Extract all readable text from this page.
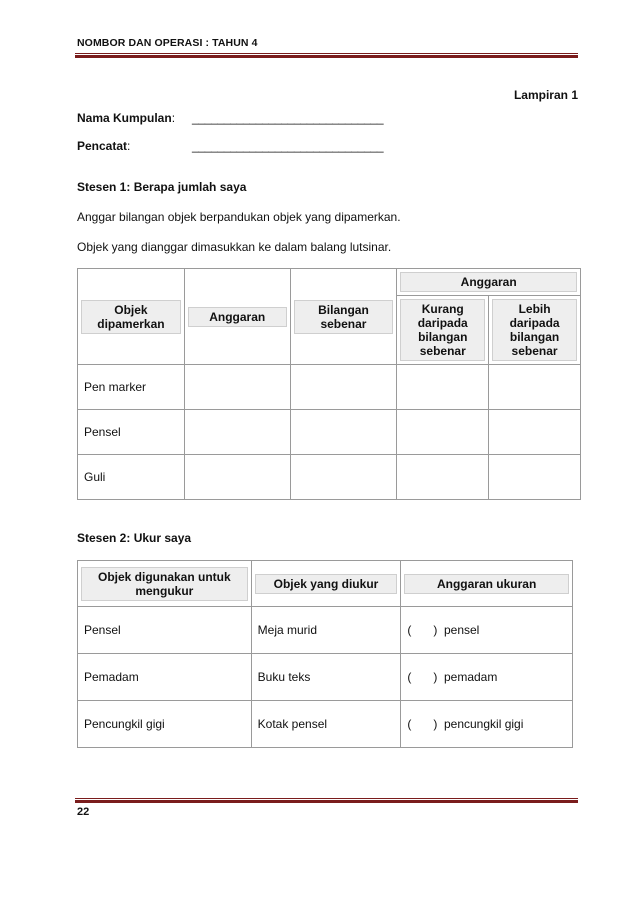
NOMBOR DAN OPERASI : TAHUN 4
Lampiran 1
Nama Kumpulan: ______________________________
Pencatat:	______________________________
Stesen 1: Berapa jumlah saya
Anggar bilangan objek berpandukan objek yang dipamerkan.
Objek yang dianggar dimasukkan ke dalam balang lutsinar.
Objek dipamerkan	Anggaran	Bilangan sebenar	Anggaran	

			Kurang daripada bilangan sebenar	Lebih daripada bilangan sebenar

Pen marker				
Pensel				
Guli				
Stesen 2: Ukur saya
Objek digunakan untuk mengukur	Objek yang diukur	Anggaran ukuran

Pensel	Meja murid	( ) pensel
Pemadam	Buku teks	( ) pemadam
Pencungkil gigi	Kotak pensel	( ) pencungkil gigi
22
